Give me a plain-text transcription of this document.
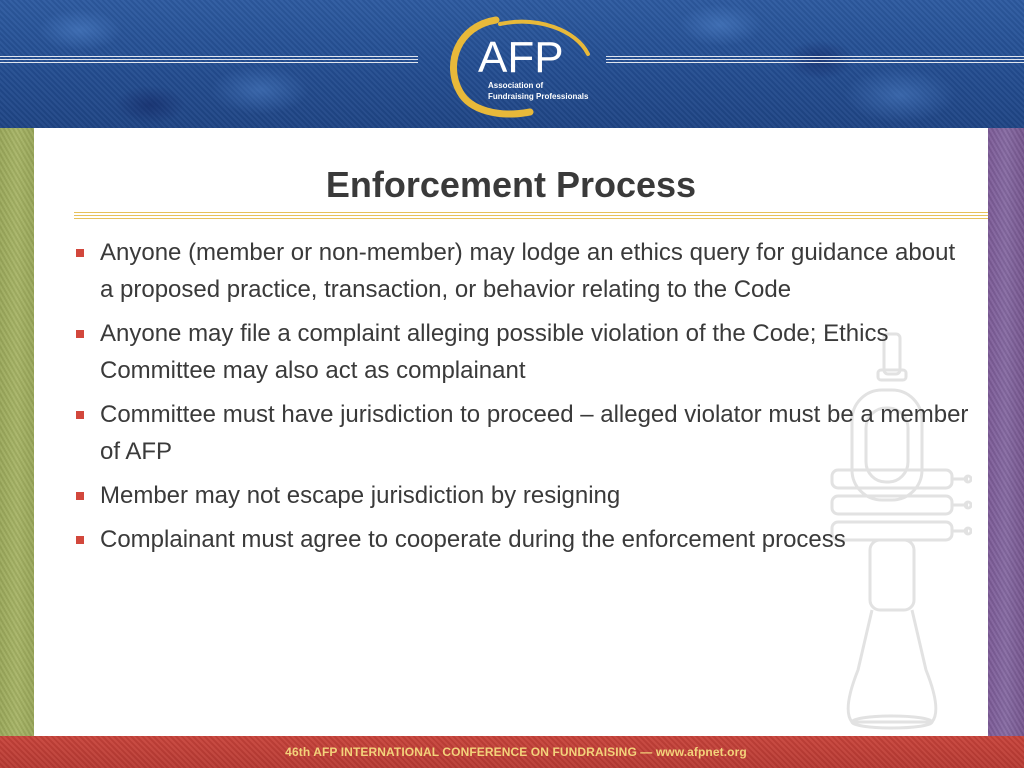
AFP
Association of
Fundraising Professionals
Enforcement Process
Anyone (member or non-member) may lodge an ethics query for guidance about a proposed practice, transaction, or behavior relating to the Code
Anyone may file a complaint alleging possible violation of the Code; Ethics Committee may also act as complainant
Committee must have jurisdiction to proceed – alleged violator must be a member of AFP
Member may not escape jurisdiction by resigning
Complainant must agree to cooperate during the enforcement process
46th AFP INTERNATIONAL CONFERENCE ON FUNDRAISING — www.afpnet.org
